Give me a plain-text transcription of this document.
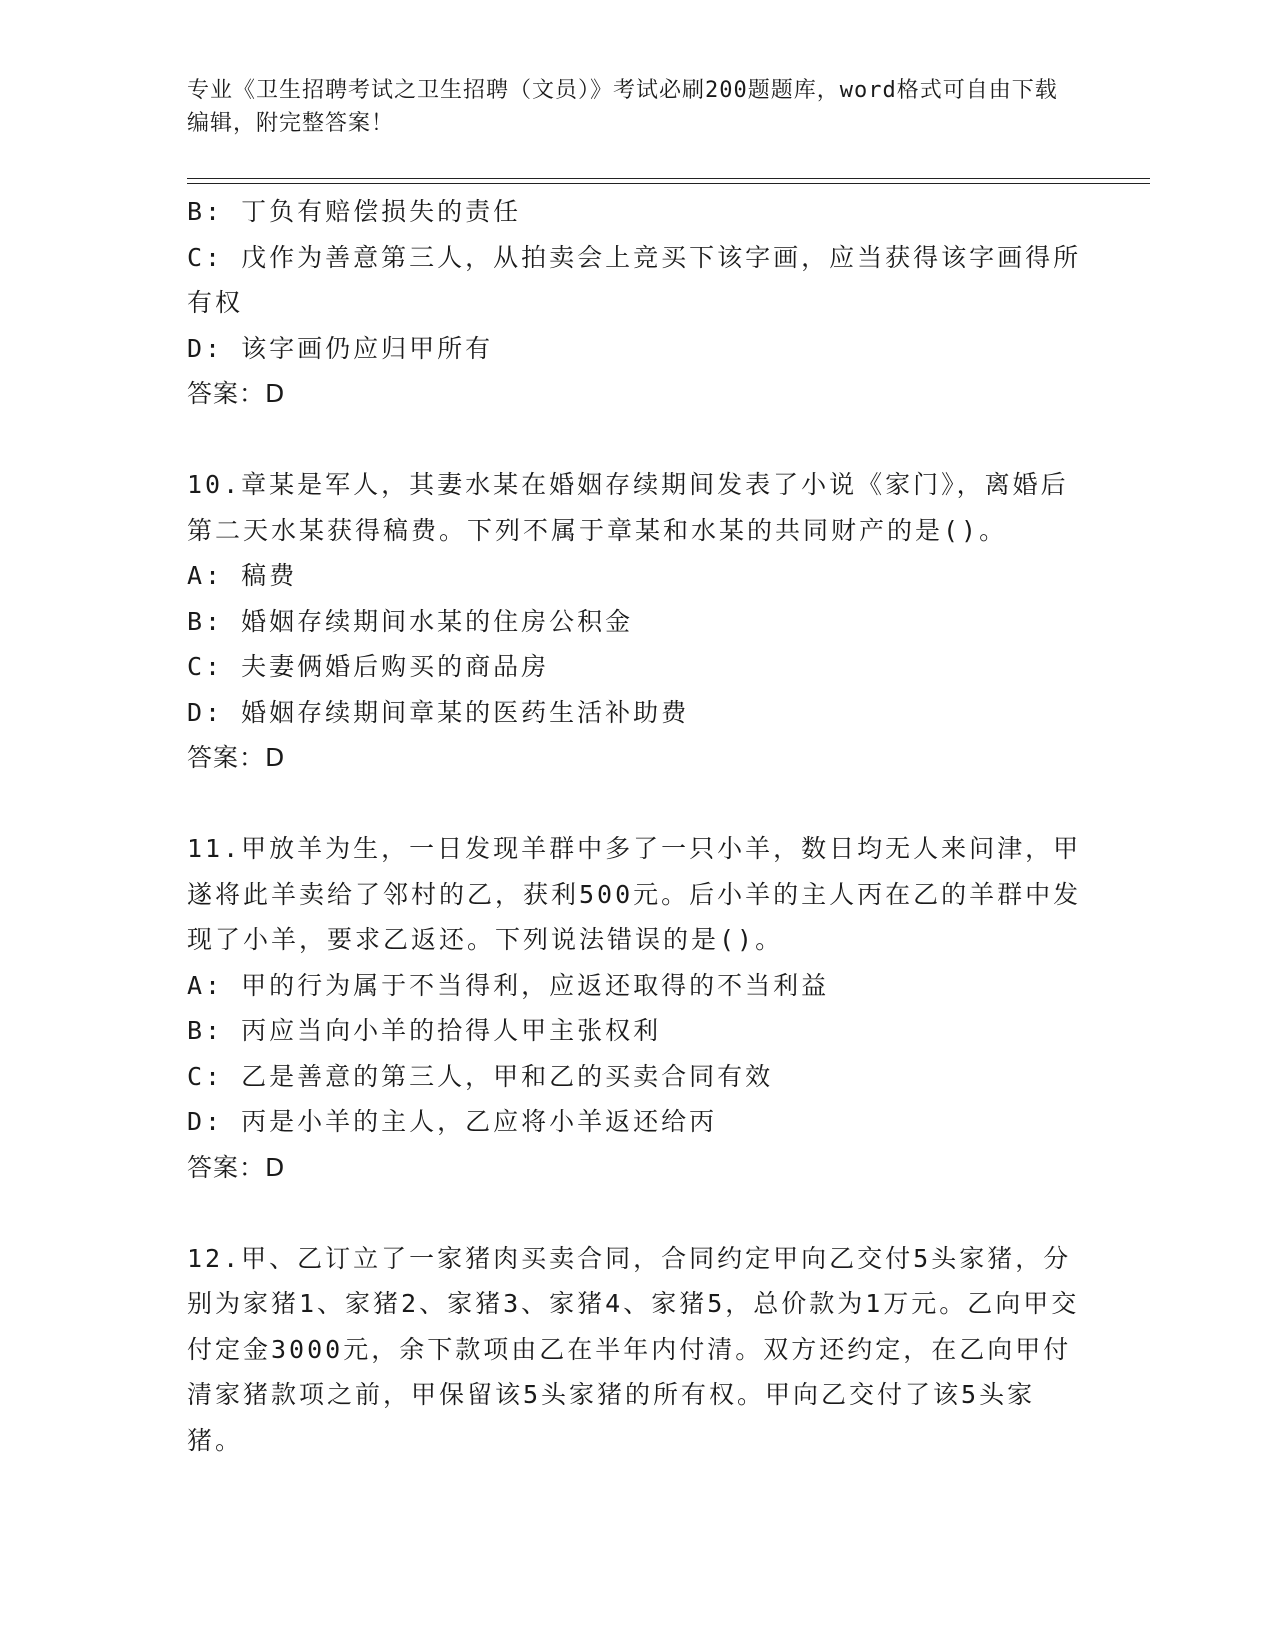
专业《卫生招聘考试之卫生招聘（文员）》考试必刷200题题库，word格式可自由下载编辑，附完整答案！

B: 丁负有赔偿损失的责任

C: 戊作为善意第三人，从拍卖会上竞买下该字画，应当获得该字画得所有权

D: 该字画仍应归甲所有

答案：D

10.章某是军人，其妻水某在婚姻存续期间发表了小说《家门》，离婚后第二天水某获得稿费。下列不属于章某和水某的共同财产的是()。

A: 稿费

B: 婚姻存续期间水某的住房公积金

C: 夫妻俩婚后购买的商品房

D: 婚姻存续期间章某的医药生活补助费

答案：D

11.甲放羊为生，一日发现羊群中多了一只小羊，数日均无人来问津，甲遂将此羊卖给了邻村的乙，获利500元。后小羊的主人丙在乙的羊群中发现了小羊，要求乙返还。下列说法错误的是()。

A: 甲的行为属于不当得利，应返还取得的不当利益

B: 丙应当向小羊的拾得人甲主张权利

C: 乙是善意的第三人，甲和乙的买卖合同有效

D: 丙是小羊的主人，乙应将小羊返还给丙

答案：D

12.甲、乙订立了一家猪肉买卖合同，合同约定甲向乙交付5头家猪，分别为家猪1、家猪2、家猪3、家猪4、家猪5，总价款为1万元。乙向甲交付定金3000元，余下款项由乙在半年内付清。双方还约定，在乙向甲付清家猪款项之前，甲保留该5头家猪的所有权。甲向乙交付了该5头家猪。
